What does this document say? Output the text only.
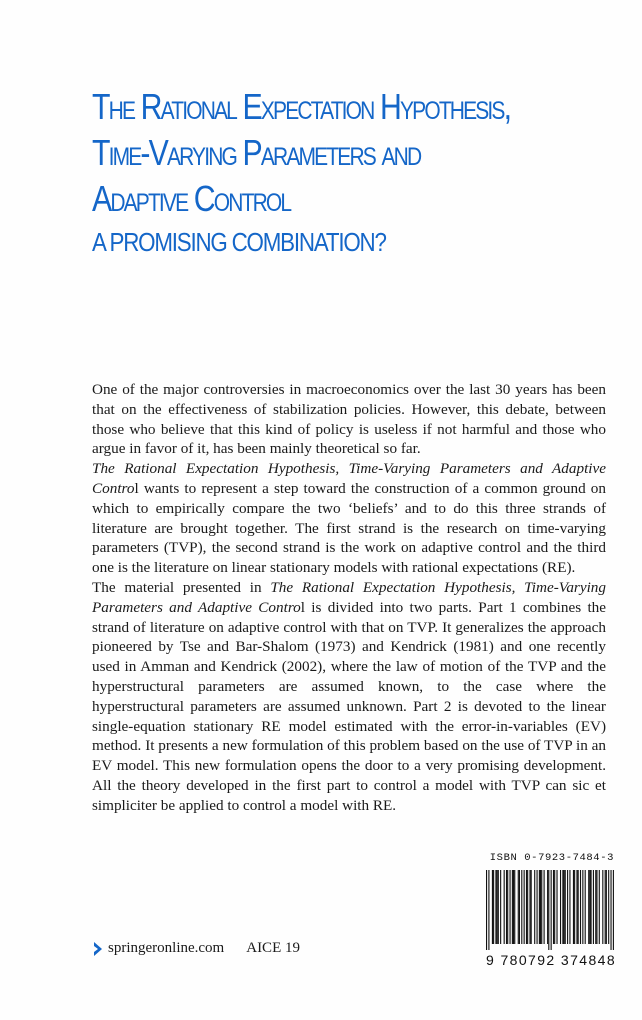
The Rational Expectation Hypothesis,
Time-Varying Parameters and
Adaptive Control
A PROMISING COMBINATION?

One of the major controversies in macroeconomics over the last 30 years has been that on the effectiveness of stabilization policies. However, this debate, between those who believe that this kind of policy is useless if not harmful and those who argue in favor of it, has been mainly theoretical so far.

The Rational Expectation Hypothesis, Time-Varying Parameters and Adaptive Control wants to represent a step toward the construction of a common ground on which to empirically compare the two ‘beliefs’ and to do this three strands of literature are brought together. The first strand is the research on time-varying parameters (TVP), the second strand is the work on adaptive control and the third one is the literature on linear stationary models with rational expectations (RE).

The material presented in The Rational Expectation Hypothesis, Time-Varying Parameters and Adaptive Control is divided into two parts. Part 1 combines the strand of literature on adaptive control with that on TVP. It generalizes the approach pioneered by Tse and Bar-Shalom (1973) and Kendrick (1981) and one recently used in Amman and Kendrick (2002), where the law of motion of the TVP and the hyperstructural parameters are assumed known, to the case where the hyperstructural parameters are assumed unknown. Part 2 is devoted to the linear single-equation stationary RE model estimated with the error-in-variables (EV) method. It presents a new formulation of this problem based on the use of TVP in an EV model. This new formulation opens the door to a very promising development. All the theory developed in the first part to control a model with TVP can sic et simpliciter be applied to control a model with RE.

ISBN 0-7923-7484-3
9 780792 374848
springeronline.com AICE 19
